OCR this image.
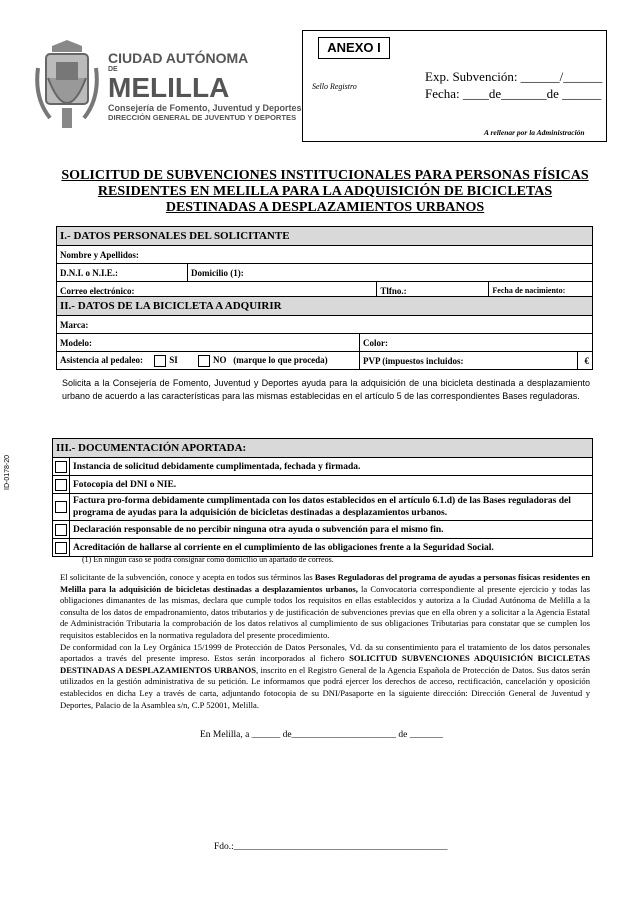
CIUDAD AUTÓNOMA
DE
MELILLA
Consejería de Fomento, Juventud y Deportes
DIRECCIÓN GENERAL DE JUVENTUD Y DEPORTES
ANEXO I
Sello Registro
Exp. Subvención: ______/______
Fecha: ____de_______de ______
A rellenar por la Administración
SOLICITUD DE SUBVENCIONES INSTITUCIONALES PARA PERSONAS FÍSICAS RESIDENTES EN MELILLA PARA LA ADQUISICIÓN DE BICICLETAS DESTINADAS A DESPLAZAMIENTOS URBANOS
ID-0178-20
I.- DATOS PERSONALES DEL SOLICITANTE			
Nombre y Apellidos:			
D.N.I. o N.I.E.:	Domicilio (1):		
Correo electrónico:		Tlfno.:	Fecha de nacimiento:
II.- DATOS DE LA BICICLETA A ADQUIRIR		
Marca:		
Modelo:	Color:	
Asistencia al pedaleo: SI NO (marque lo que proceda)	PVP (impuestos incluidos:	€
Solicita a la Consejería de Fomento, Juventud y Deportes ayuda para la adquisición de una bicicleta destinada a desplazamiento urbano de acuerdo a las características para las mismas establecidas en el artículo 5 de las correspondientes Bases reguladoras.
III.- DOCUMENTACIÓN APORTADA:	
	Instancia de solicitud debidamente cumplimentada, fechada y firmada.
	Fotocopia del DNI o NIE.
	Factura pro-forma debidamente cumplimentada con los datos establecidos en el artículo 6.1.d) de las Bases reguladoras del programa de ayudas para la adquisición de bicicletas destinadas a desplazamientos urbanos.
	Declaración responsable de no percibir ninguna otra ayuda o subvención para el mismo fin.
	Acreditación de hallarse al corriente en el cumplimiento de las obligaciones frente a la Seguridad Social.
(1) En ningún caso se podrá consignar como domicilio un apartado de correos.
El solicitante de la subvención, conoce y acepta en todos sus términos las Bases Reguladoras del programa de ayudas a personas físicas residentes en Melilla para la adquisición de bicicletas destinadas a desplazamientos urbanos, la Convocatoria correspondiente al presente ejercicio y todas las obligaciones dimanantes de las mismas, declara que cumple todos los requisitos en ellas establecidos y autoriza a la Ciudad Autónoma de Melilla a la consulta de los datos de empadronamiento, datos tributarios y de justificación de subvenciones previas que en ella obren y a solicitar a la Agencia Estatal de Administración Tributaria la comprobación de los datos relativos al cumplimiento de sus obligaciones Tributarias para constatar que se cumplen los requisitos establecidos en la normativa reguladora del presente procedimiento.
De conformidad con la Ley Orgánica 15/1999 de Protección de Datos Personales, Vd. da su consentimiento para el tratamiento de los datos personales aportados a través del presente impreso. Estos serán incorporados al fichero SOLICITUD SUBVENCIONES ADQUISICIÓN BICICLETAS DESTINADAS A DESPLAZAMIENTOS URBANOS, inscrito en el Registro General de la Agencia Española de Protección de Datos. Sus datos serán utilizados en la gestión administrativa de su petición. Le informamos que podrá ejercer los derechos de acceso, rectificación, cancelación y oposición establecidos en dicha Ley a través de carta, adjuntando fotocopia de su DNI/Pasaporte en la siguiente dirección: Dirección General de Juventud y Deportes, Palacio de la Asamblea s/n, C.P 52001, Melilla.
En Melilla, a ______ de______________________ de _______
Fdo.:_____________________________________________
